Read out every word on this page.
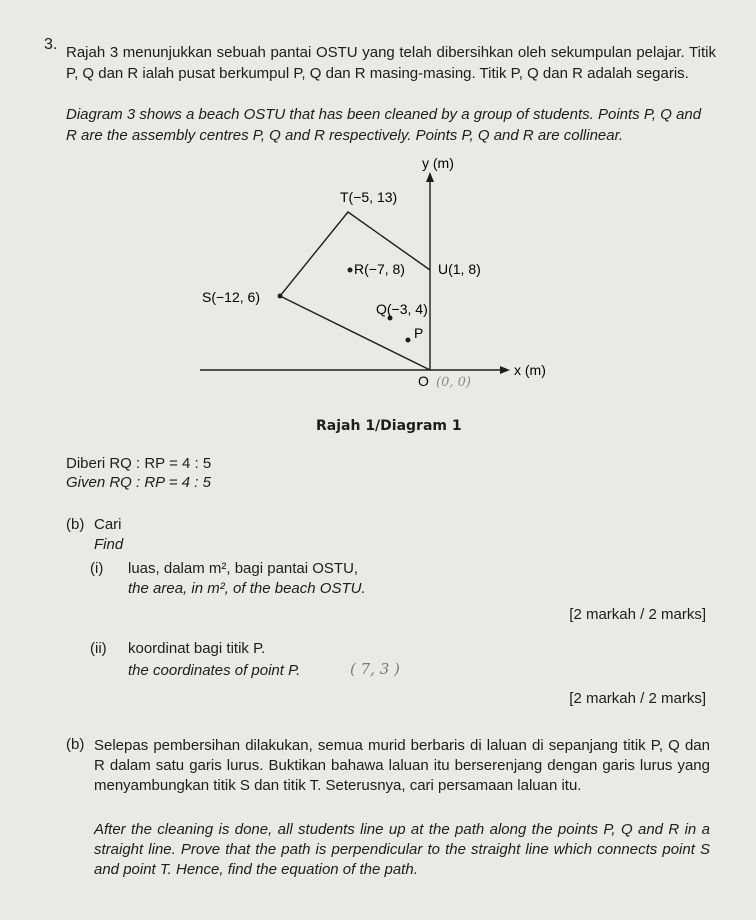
3. Rajah 3 menunjukkan sebuah pantai OSTU yang telah dibersihkan oleh sekumpulan pelajar. Titik P, Q dan R ialah pusat berkumpul P, Q dan R masing-masing. Titik P, Q dan R adalah segaris.
Diagram 3 shows a beach OSTU that has been cleaned by a group of students. Points P, Q and R are the assembly centres P, Q and R respectively. Points P, Q and R are collinear.
y (m)
x (m)
T(−5, 13)
R(−7, 8) U(1, 8)
S(−12, 6)
Q(−3, 4)
P
O (0, 0)
Rajah 1/Diagram 1
Diberi RQ : RP = 4 : 5
Given RQ : RP = 4 : 5
(b) Cari
Find
(i) luas, dalam m², bagi pantai OSTU,
the area, in m², of the beach OSTU.
[2 markah / 2 marks]
(ii) koordinat bagi titik P.
the coordinates of point P.	( 7, 3 )
[2 markah / 2 marks]
(b) Selepas pembersihan dilakukan, semua murid berbaris di laluan di sepanjang titik P, Q dan R dalam satu garis lurus. Buktikan bahawa laluan itu berserenjang dengan garis lurus yang menyambungkan titik S dan titik T. Seterusnya, cari persamaan laluan itu.
After the cleaning is done, all students line up at the path along the points P, Q and R in a straight line. Prove that the path is perpendicular to the straight line which connects point S and point T. Hence, find the equation of the path.
